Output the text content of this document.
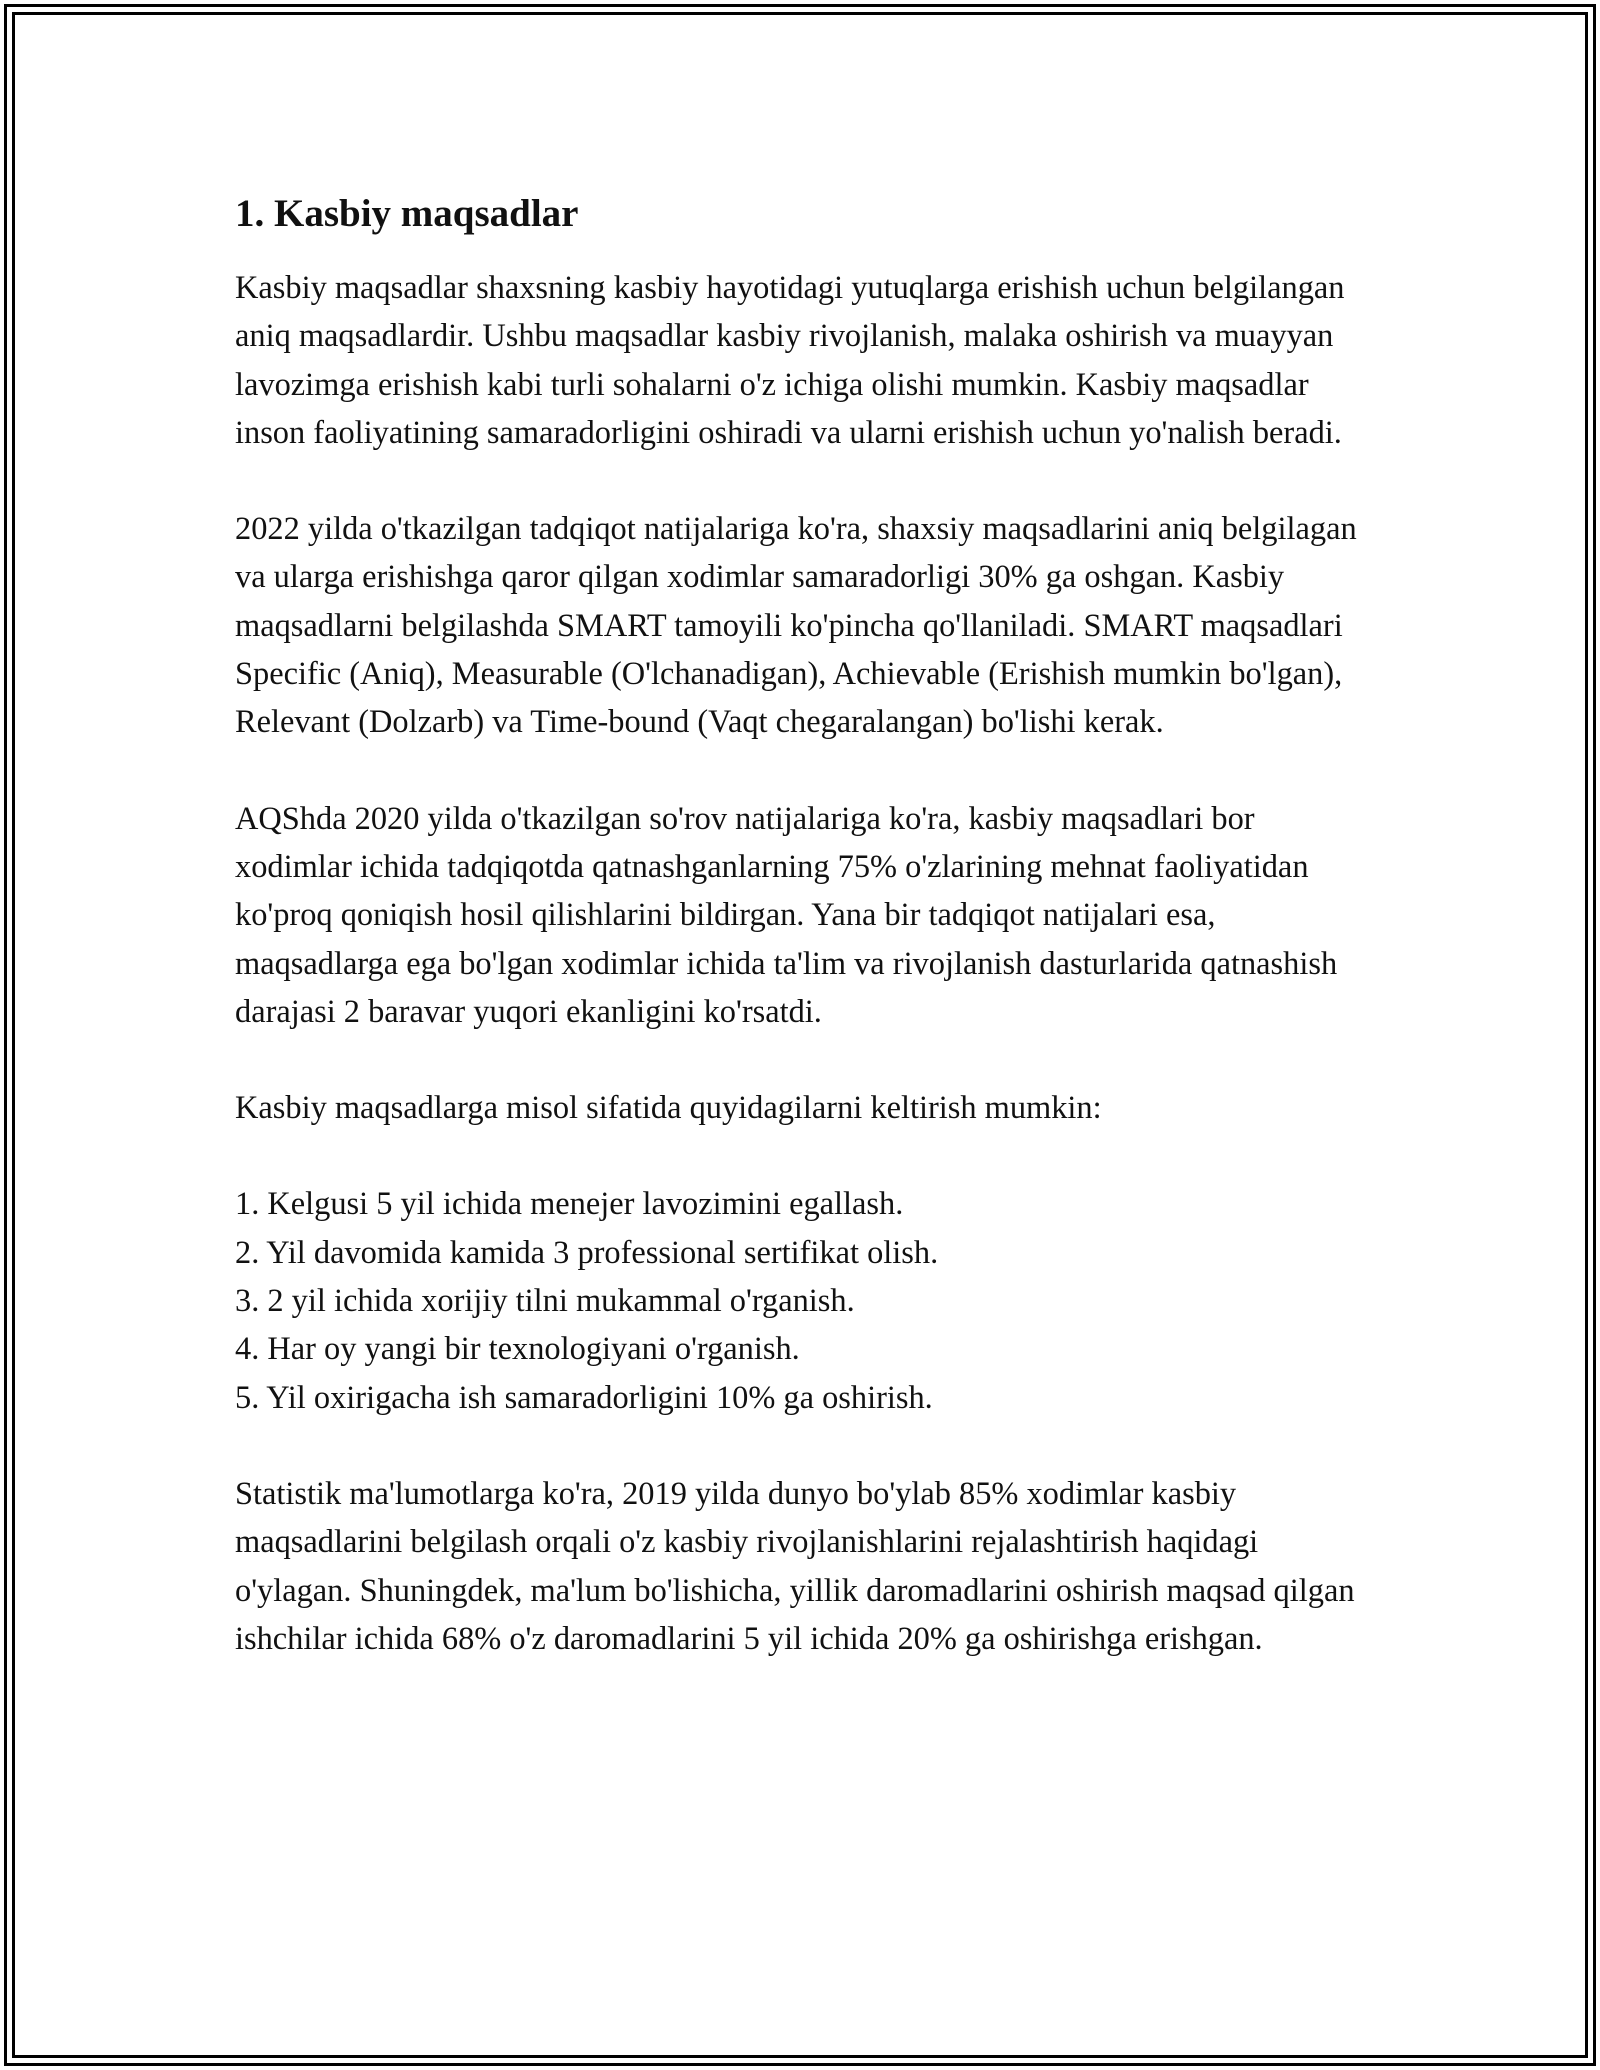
1. Kasbiy maqsadlar

Kasbiy maqsadlar shaxsning kasbiy hayotidagi yutuqlarga erishish uchun belgilangan aniq maqsadlardir. Ushbu maqsadlar kasbiy rivojlanish, malaka oshirish va muayyan lavozimga erishish kabi turli sohalarni o'z ichiga olishi mumkin. Kasbiy maqsadlar inson faoliyatining samaradorligini oshiradi va ularni erishish uchun yo'nalish beradi.

2022 yilda o'tkazilgan tadqiqot natijalariga ko'ra, shaxsiy maqsadlarini aniq belgilagan va ularga erishishga qaror qilgan xodimlar samaradorligi 30% ga oshgan. Kasbiy maqsadlarni belgilashda SMART tamoyili ko'pincha qo'llaniladi. SMART maqsadlari Specific (Aniq), Measurable (O'lchanadigan), Achievable (Erishish mumkin bo'lgan), Relevant (Dolzarb) va Time-bound (Vaqt chegaralangan) bo'lishi kerak.

AQShda 2020 yilda o'tkazilgan so'rov natijalariga ko'ra, kasbiy maqsadlari bor xodimlar ichida tadqiqotda qatnashganlarning 75% o'zlarining mehnat faoliyatidan ko'proq qoniqish hosil qilishlarini bildirgan. Yana bir tadqiqot natijalari esa, maqsadlarga ega bo'lgan xodimlar ichida ta'lim va rivojlanish dasturlarida qatnashish darajasi 2 baravar yuqori ekanligini ko'rsatdi.

Kasbiy maqsadlarga misol sifatida quyidagilarni keltirish mumkin:

1. Kelgusi 5 yil ichida menejer lavozimini egallash.
2. Yil davomida kamida 3 professional sertifikat olish.
3. 2 yil ichida xorijiy tilni mukammal o'rganish.
4. Har oy yangi bir texnologiyani o'rganish.
5. Yil oxirigacha ish samaradorligini 10% ga oshirish.

Statistik ma'lumotlarga ko'ra, 2019 yilda dunyo bo'ylab 85% xodimlar kasbiy maqsadlarini belgilash orqali o'z kasbiy rivojlanishlarini rejalashtirish haqidagi o'ylagan. Shuningdek, ma'lum bo'lishicha, yillik daromadlarini oshirish maqsad qilgan ishchilar ichida 68% o'z daromadlarini 5 yil ichida 20% ga oshirishga erishgan.
